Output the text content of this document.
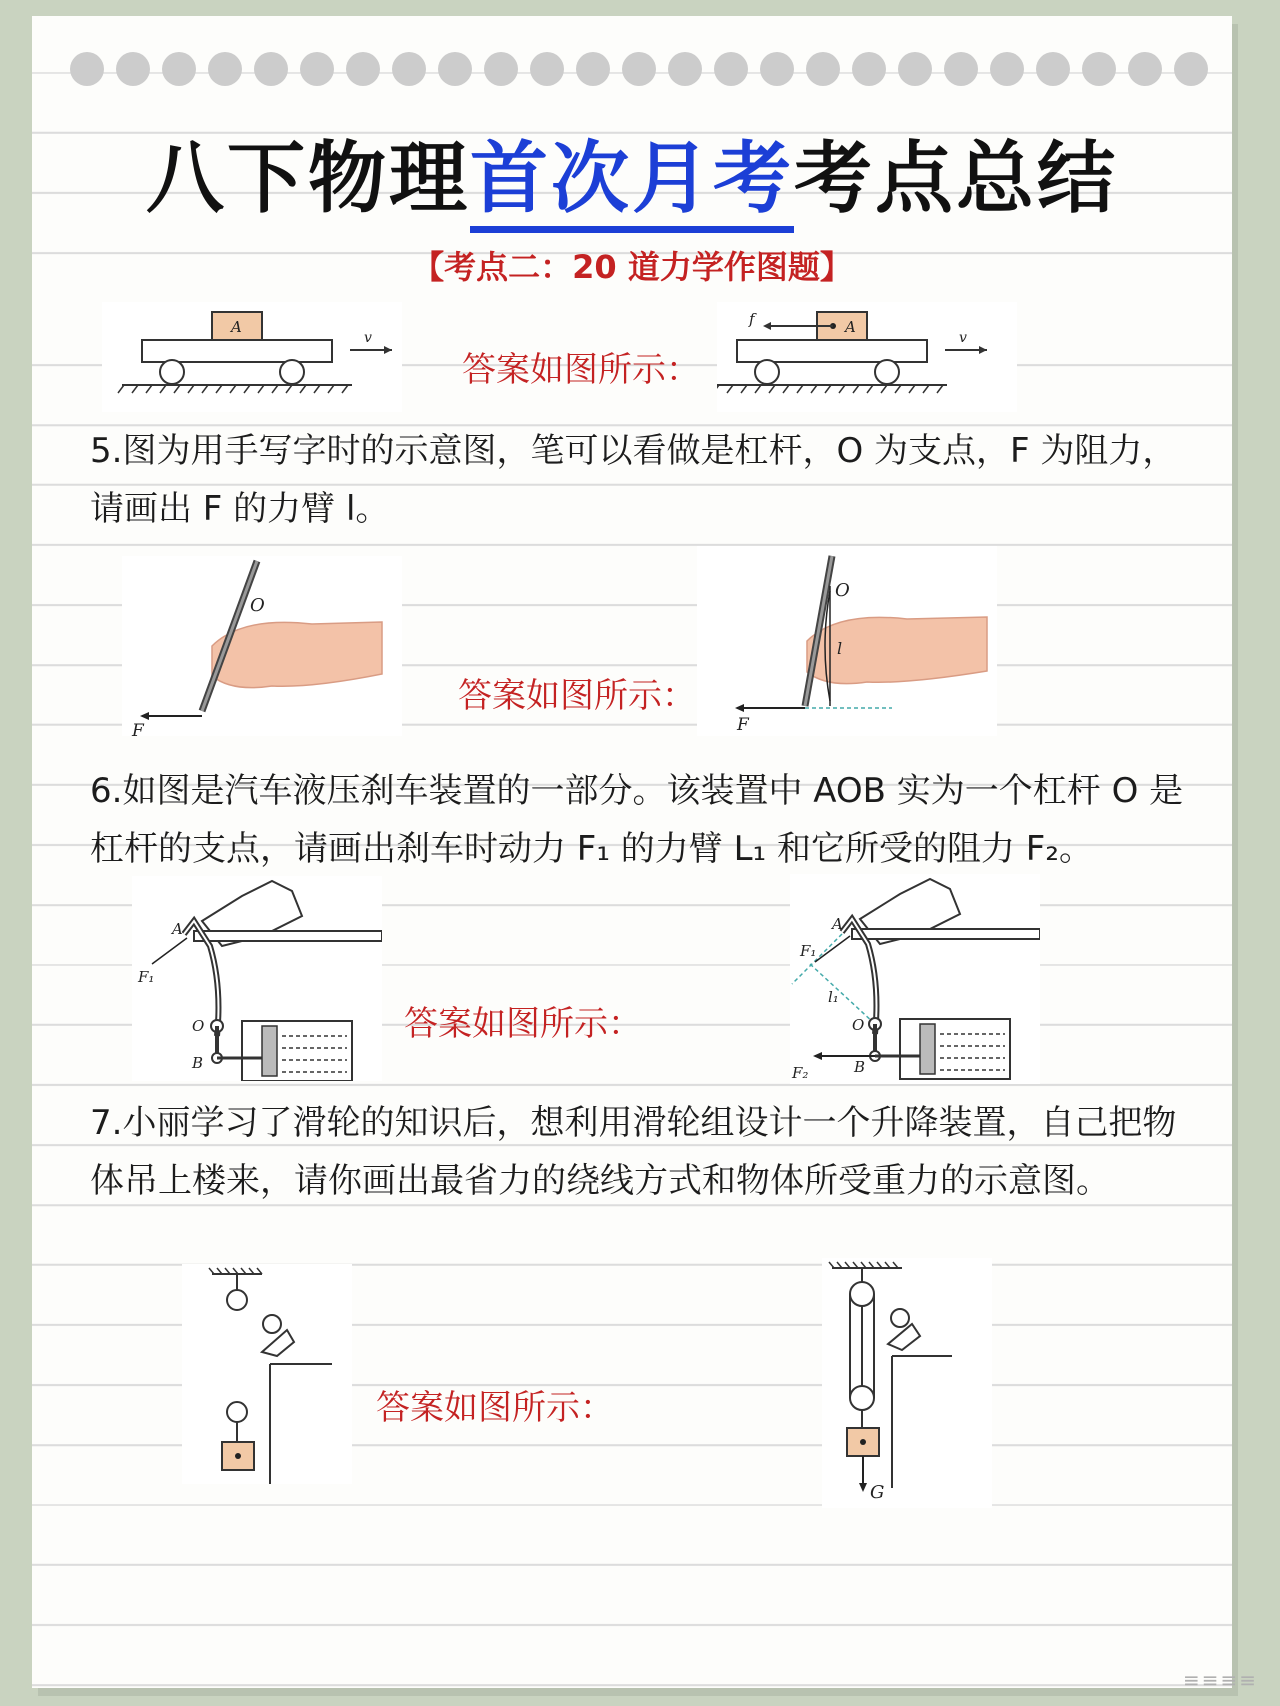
八下物理首次月考考点总结
【考点二：20 道力学作图题】
A
v
答案如图所示：
A
f
v
5.图为用手写字时的示意图，笔可以看做是杠杆，O 为支点，F 为阻力，请画出 F 的力臂 l。
O
F
答案如图所示：
O
l
F
6.如图是汽车液压刹车装置的一部分。该装置中 AOB 实为一个杠杆 O 是杠杆的支点，请画出刹车时动力 F₁ 的力臂 L₁ 和它所受的阻力 F₂。
A
F₁
O
B
答案如图所示：
A
F₁
l₁
O
B
F₂
7.小丽学习了滑轮的知识后，想利用滑轮组设计一个升降装置，自己把物体吊上楼来，请你画出最省力的绕线方式和物体所受重力的示意图。
答案如图所示：
G
≡≡≡≡
